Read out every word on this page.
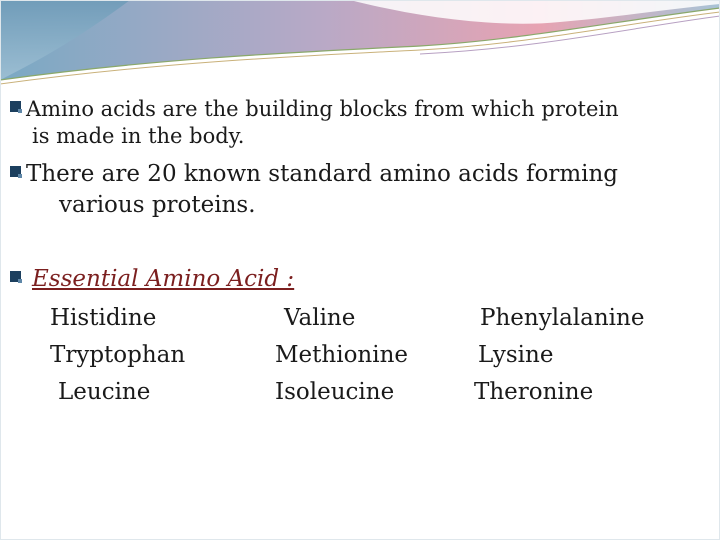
Amino acids are the building blocks from which protein
is made in the body.
There are 20 known standard amino acids forming
various proteins.
Essential Amino Acid :
Histidine	Valine	Phenylalanine
Tryptophan	Methionine	Lysine
Leucine	Isoleucine	Theronine
